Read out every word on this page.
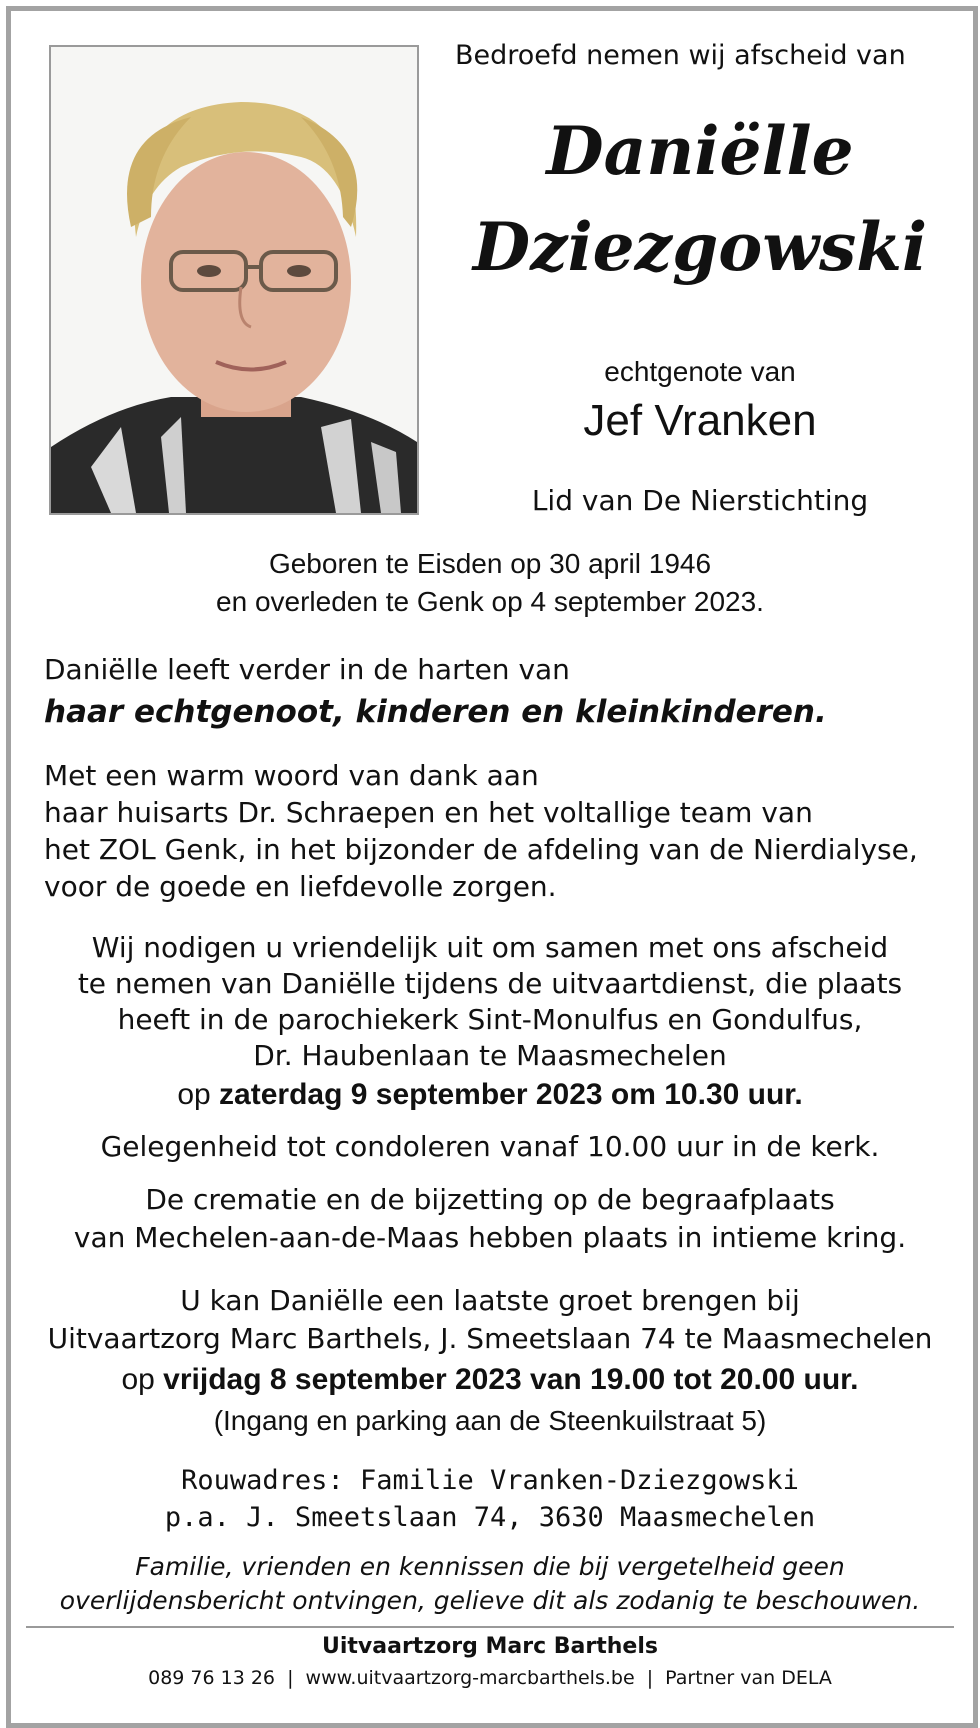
Bedroefd nemen wij afscheid van
Daniëlle
Dziezgowski
echtgenote van
Jef Vranken
Lid van De Nierstichting
Geboren te Eisden op 30 april 1946
en overleden te Genk op 4 september 2023.
Daniëlle leeft verder in de harten van
haar echtgenoot, kinderen en kleinkinderen.
Met een warm woord van dank aan
haar huisarts Dr. Schraepen en het voltallige team van
het ZOL Genk, in het bijzonder de afdeling van de Nierdialyse,
voor de goede en liefdevolle zorgen.
Wij nodigen u vriendelijk uit om samen met ons afscheid
te nemen van Daniëlle tijdens de uitvaartdienst, die plaats
heeft in de parochiekerk Sint-Monulfus en Gondulfus,
Dr. Haubenlaan te Maasmechelen
op zaterdag 9 september 2023 om 10.30 uur.
Gelegenheid tot condoleren vanaf 10.00 uur in de kerk.
De crematie en de bijzetting op de begraafplaats
van Mechelen-aan-de-Maas hebben plaats in intieme kring.
U kan Daniëlle een laatste groet brengen bij
Uitvaartzorg Marc Barthels, J. Smeetslaan 74 te Maasmechelen
op vrijdag 8 september 2023 van 19.00 tot 20.00 uur.
(Ingang en parking aan de Steenkuilstraat 5)
Rouwadres: Familie Vranken-Dziezgowski
p.a. J. Smeetslaan 74, 3630 Maasmechelen
Familie, vrienden en kennissen die bij vergetelheid geen
overlijdensbericht ontvingen, gelieve dit als zodanig te beschouwen.
Uitvaartzorg Marc Barthels
089 76 13 26 | www.uitvaartzorg-marcbarthels.be | Partner van DELA
